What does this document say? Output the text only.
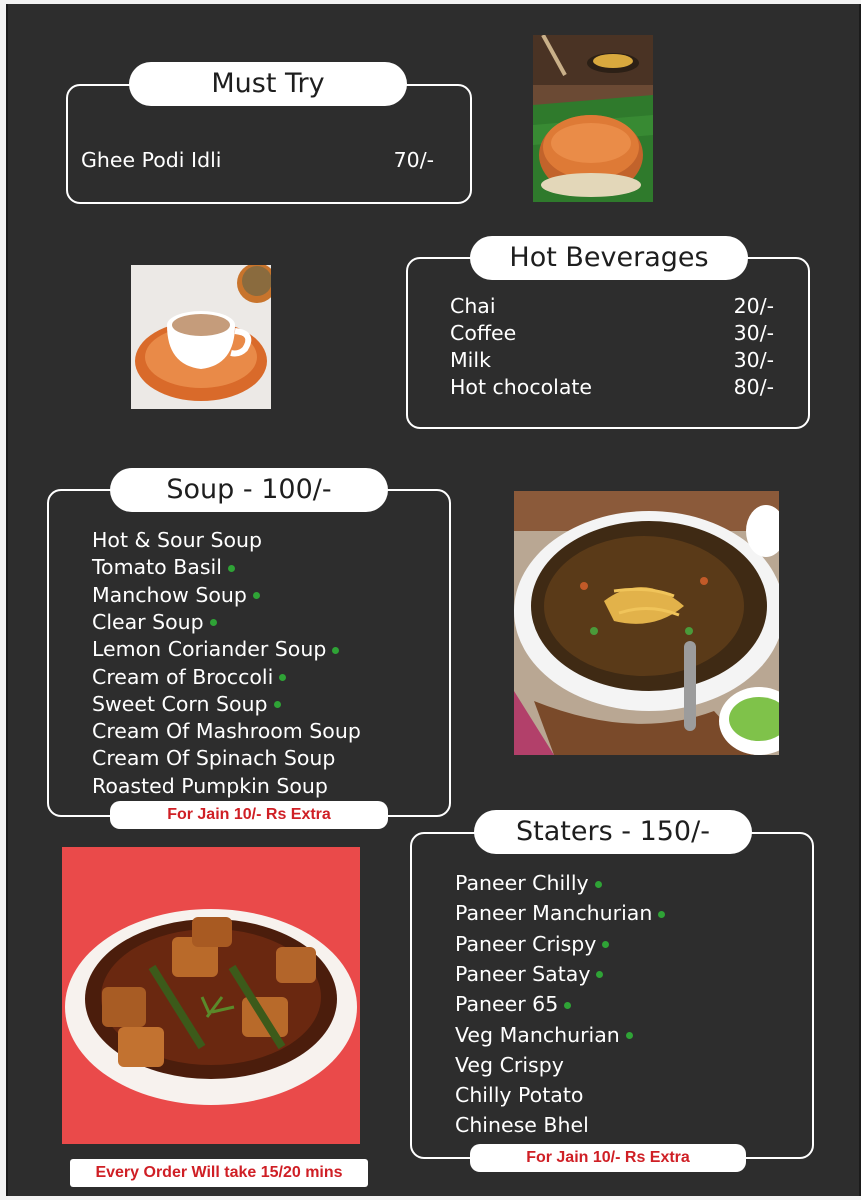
Must Try
Ghee Podi Idli	70/-
Hot Beverages
Chai	20/-
Coffee	30/-
Milk	30/-
Hot chocolate	80/-
Soup - 100/-
Hot & Sour Soup
Tomato Basil
Manchow Soup
Clear Soup
Lemon Coriander Soup
Cream of Broccoli
Sweet Corn Soup
Cream Of Mashroom Soup
Cream Of Spinach Soup
Roasted Pumpkin Soup
For Jain 10/- Rs Extra
Staters - 150/-
Paneer Chilly
Paneer Manchurian
Paneer Crispy
Paneer Satay
Paneer 65
Veg Manchurian
Veg Crispy
Chilly Potato
Chinese Bhel
For Jain 10/- Rs Extra
Every Order Will take 15/20 mins
